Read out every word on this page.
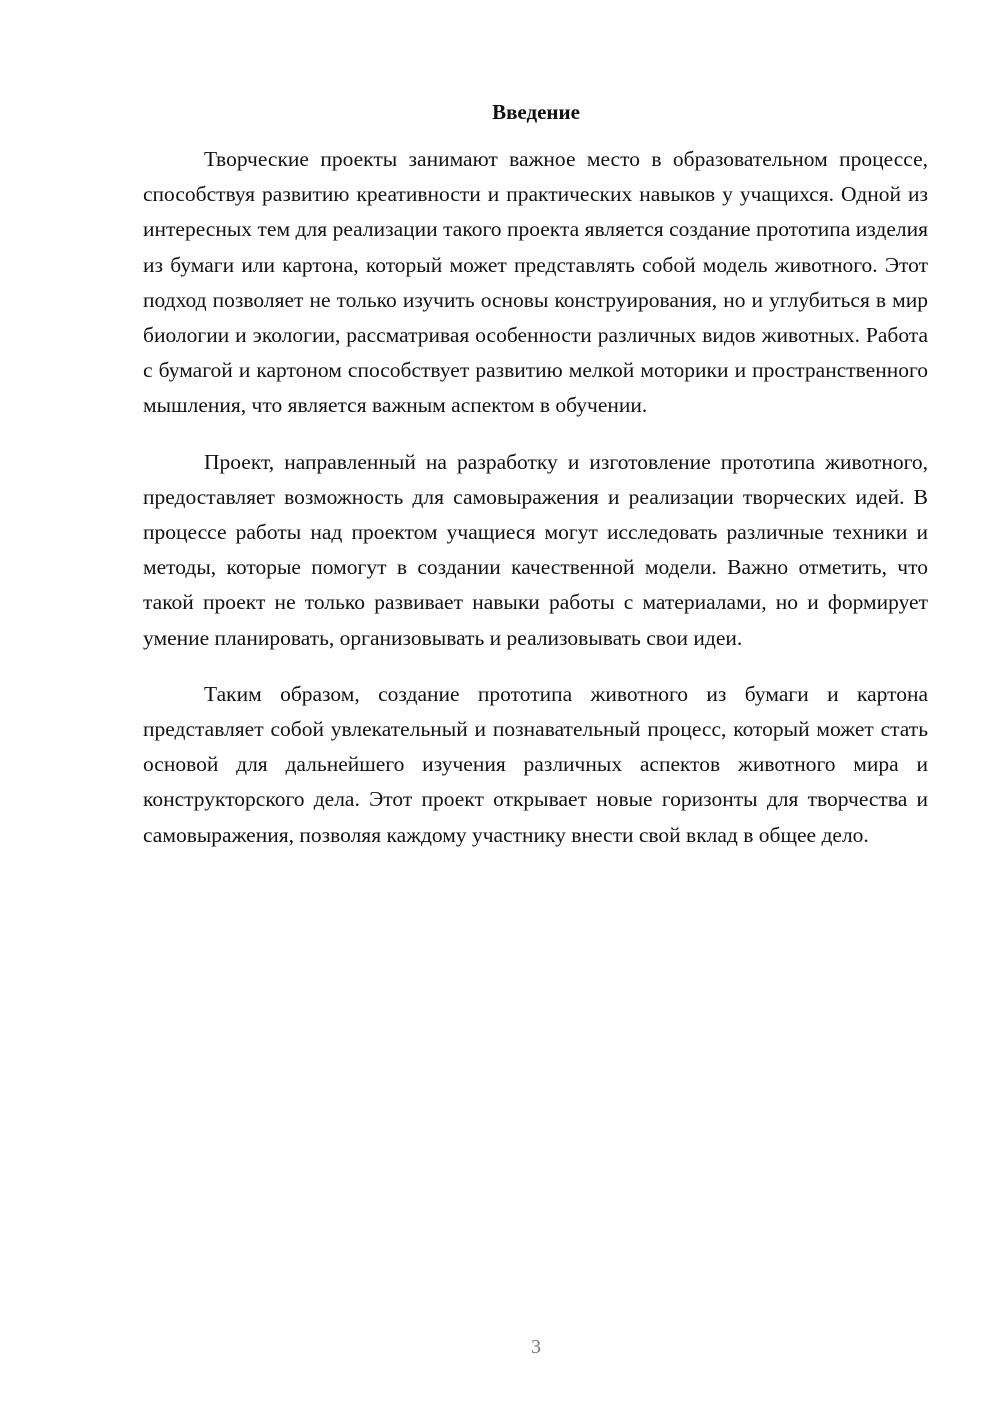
Введение

Творческие проекты занимают важное место в образовательном процессе, способствуя развитию креативности и практических навыков у учащихся. Одной из интересных тем для реализации такого проекта является создание прототипа изделия из бумаги или картона, который может представлять собой модель животного. Этот подход позволяет не только изучить основы конструирования, но и углубиться в мир биологии и экологии, рассматривая особенности различных видов животных. Работа с бумагой и картоном способствует развитию мелкой моторики и пространственного мышления, что является важным аспектом в обучении.

Проект, направленный на разработку и изготовление прототипа животного, предоставляет возможность для самовыражения и реализации творческих идей. В процессе работы над проектом учащиеся могут исследовать различные техники и методы, которые помогут в создании качественной модели. Важно отметить, что такой проект не только развивает навыки работы с материалами, но и формирует умение планировать, организовывать и реализовывать свои идеи.

Таким образом, создание прототипа животного из бумаги и картона представляет собой увлекательный и познавательный процесс, который может стать основой для дальнейшего изучения различных аспектов животного мира и конструкторского дела. Этот проект открывает новые горизонты для творчества и самовыражения, позволяя каждому участнику внести свой вклад в общее дело.

3
